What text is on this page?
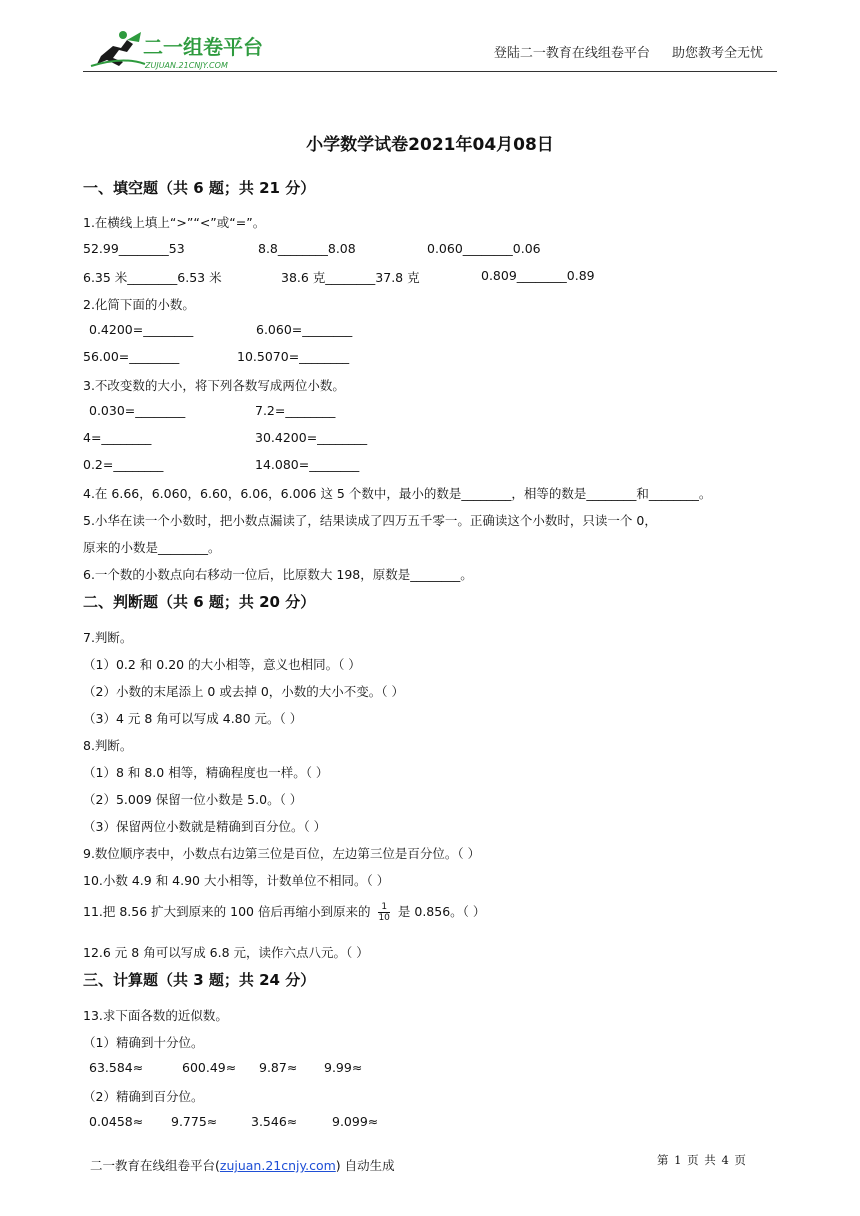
二一组卷平台
ZUJUAN.21CNJY.COM
登陆二一教育在线组卷平台 助您教考全无忧
小学数学试卷2021年04月08日
一、填空题（共 6 题；共 21 分）
1.在横线上填上“>”“<”或“=”。
52.99________53	8.8________8.08	0.060________0.06
6.35 米________6.53 米	38.6 克________37.8 克	0.809________0.89
2.化简下面的小数。
0.4200=________	6.060=________
56.00=________	10.5070=________
3.不改变数的大小，将下列各数写成两位小数。
0.030=________	7.2=________
4=________	30.4200=________
0.2=________	14.080=________
4.在 6.66，6.060，6.60，6.06，6.006 这 5 个数中，最小的数是________，相等的数是________和________。
5.小华在读一个小数时，把小数点漏读了，结果读成了四万五千零一。正确读这个小数时，只读一个 0，
原来的小数是________。
6.一个数的小数点向右移动一位后，比原数大 198，原数是________。
二、判断题（共 6 题；共 20 分）
7.判断。
（1）0.2 和 0.20 的大小相等，意义也相同。（ ）
（2）小数的末尾添上 0 或去掉 0，小数的大小不变。（ ）
（3）4 元 8 角可以写成 4.80 元。（ ）
8.判断。
（1）8 和 8.0 相等，精确程度也一样。（ ）
（2）5.009 保留一位小数是 5.0。（ ）
（3）保留两位小数就是精确到百分位。（ ）
9.数位顺序表中，小数点右边第三位是百位，左边第三位是百分位。（ ）
10.小数 4.9 和 4.90 大小相等，计数单位不相同。（ ）
11.把 8.56 扩大到原来的 100 倍后再缩小到原来的 $\frac{1}{10}$ 是 0.856。（ ）
12.6 元 8 角可以写成 6.8 元，读作六点八元。（ ）
三、计算题（共 3 题；共 24 分）
13.求下面各数的近似数。
（1）精确到十分位。
63.584≈	600.49≈ 9.87≈ 9.99≈
（2）精确到百分位。
0.0458≈ 9.775≈	3.546≈	9.099≈
二一教育在线组卷平台(zujuan.21cnjy.com) 自动生成	第 1 页 共 4 页
